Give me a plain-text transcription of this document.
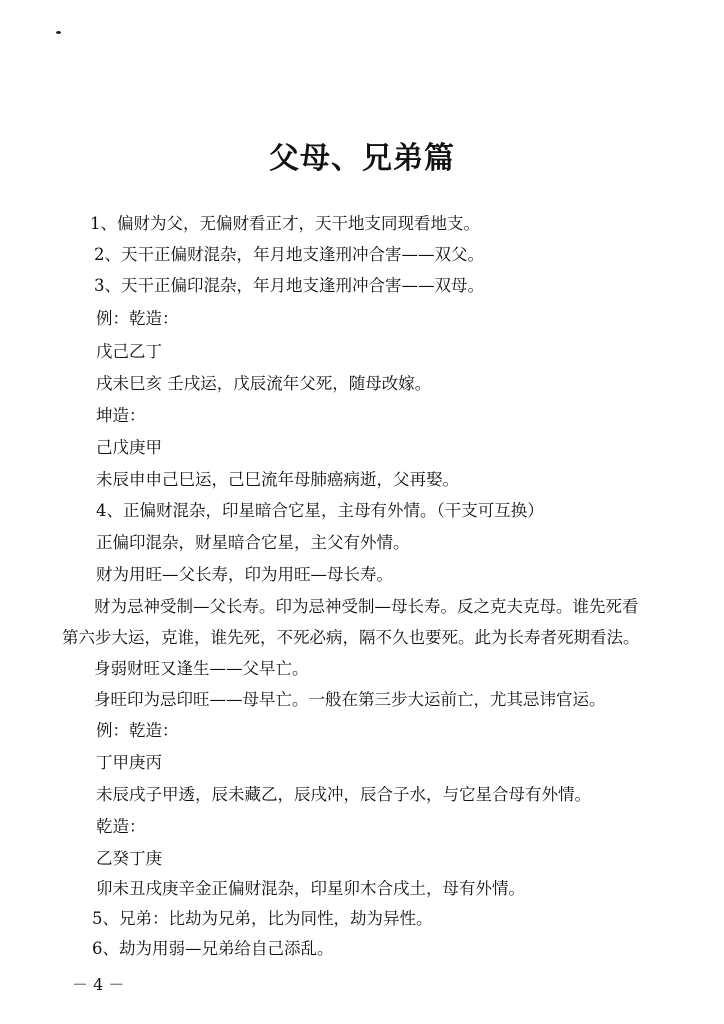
父母、兄弟篇
1、偏财为父，无偏财看正才，天干地支同现看地支。
2、天干正偏财混杂，年月地支逢刑冲合害——双父。
3、天干正偏印混杂，年月地支逢刑冲合害——双母。
例：乾造：
戊己乙丁
戌未巳亥 壬戌运，戊辰流年父死，随母改嫁。
坤造：
己戊庚甲
未辰申申己巳运，己巳流年母肺癌病逝，父再娶。
4、正偏财混杂，印星暗合它星，主母有外情。（干支可互换）
正偏印混杂，财星暗合它星，主父有外情。
财为用旺—父长寿，印为用旺—母长寿。
财为忌神受制—父长寿。印为忌神受制—母长寿。反之克夫克母。谁先死看
第六步大运，克谁，谁先死，不死必病，隔不久也要死。此为长寿者死期看法。
身弱财旺又逢生——父早亡。
身旺印为忌印旺——母早亡。一般在第三步大运前亡，尤其忌讳官运。
例：乾造：
丁甲庚丙
未辰戌子甲透，辰未藏乙，辰戌冲，辰合子水，与它星合母有外情。
乾造：
乙癸丁庚
卯未丑戌庚辛金正偏财混杂，印星卯木合戌土，母有外情。
5、兄弟：比劫为兄弟，比为同性，劫为异性。
6、劫为用弱—兄弟给自己添乱。
－ 4 －
